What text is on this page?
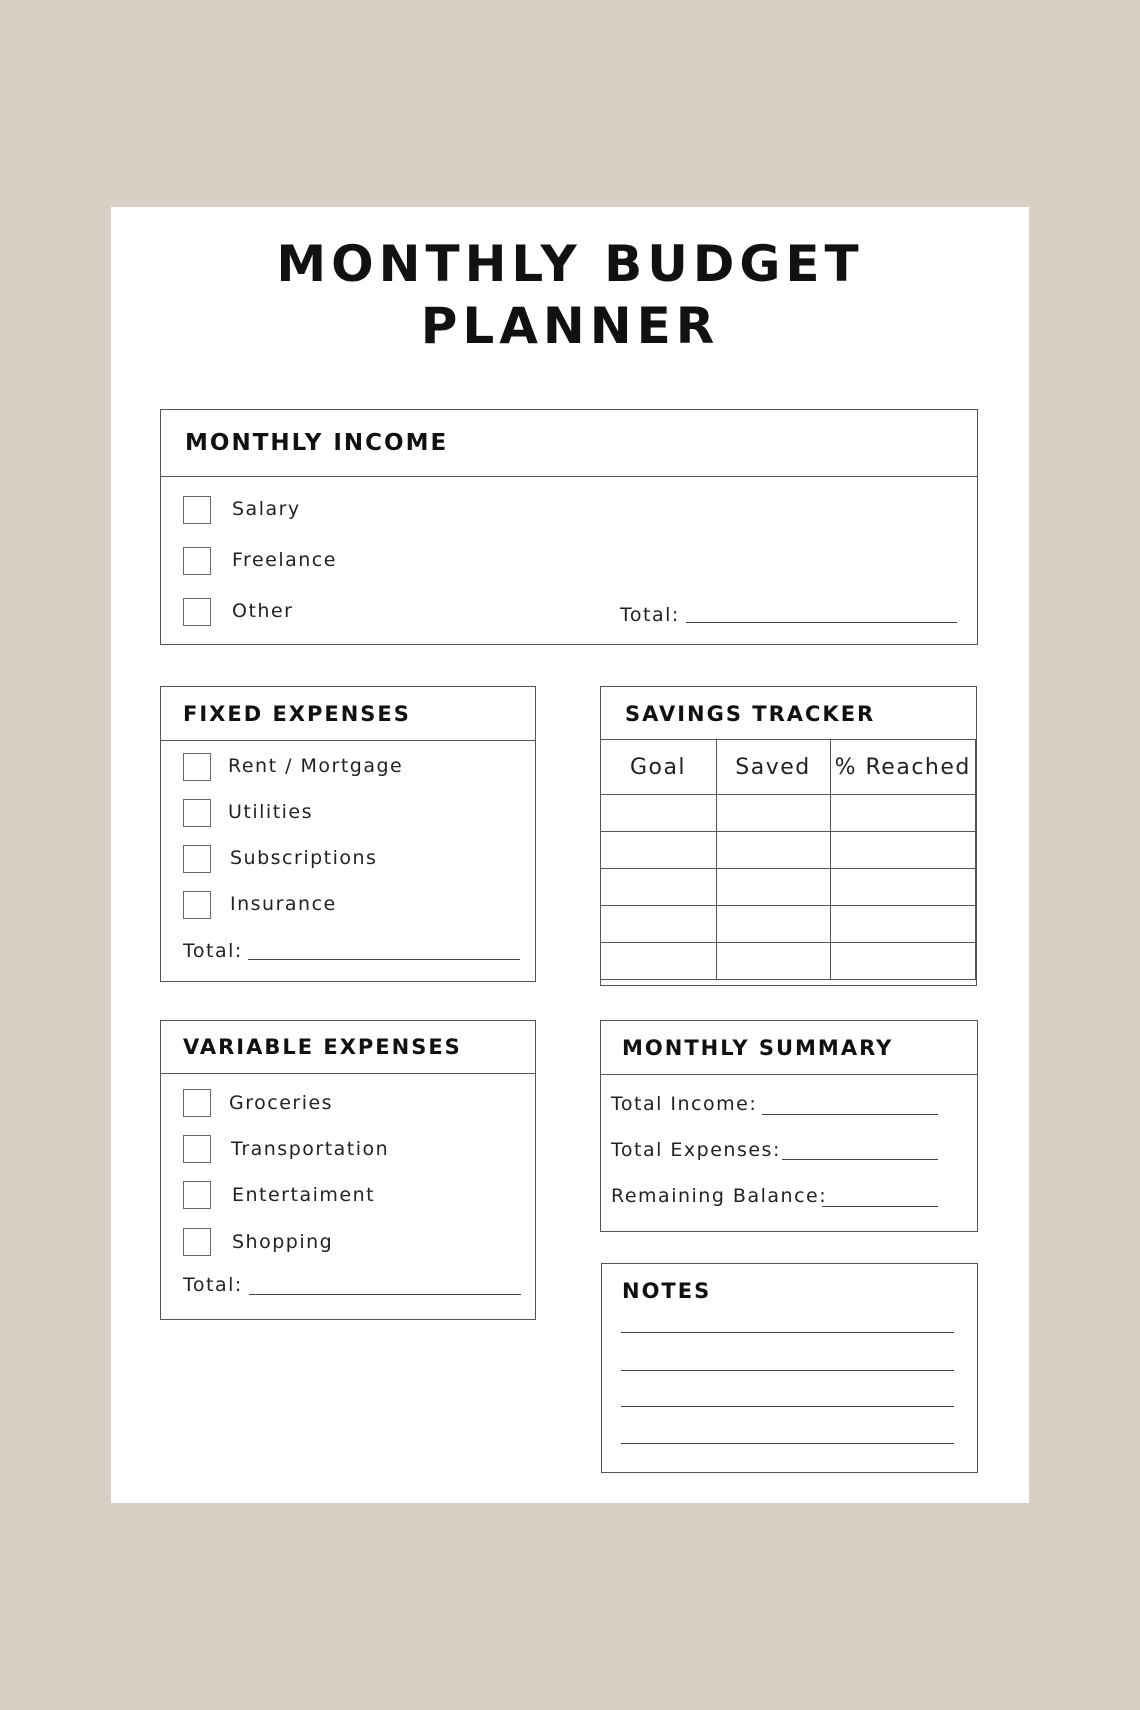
MONTHLY BUDGET
PLANNER
MONTHLY INCOME
Salary
Freelance
Other	Total:
FIXED EXPENSES
Rent / Mortgage
Utilities
Subscriptions
Insurance
Total:
SAVINGS TRACKER
Goal	Saved	% Reached

VARIABLE EXPENSES
Groceries
Transportation
Entertaiment
Shopping
Total:
MONTHLY SUMMARY
Total Income:
Total Expenses:
Remaining Balance:
NOTES
